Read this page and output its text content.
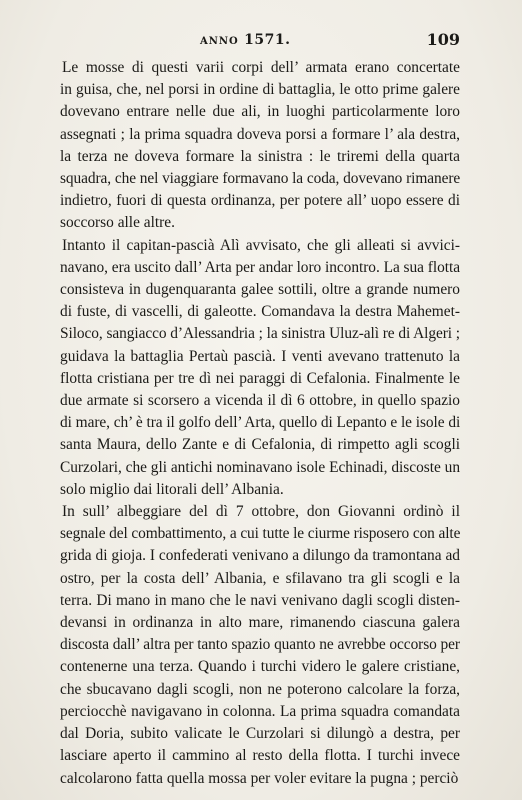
ANNO 1571.	109
Le mosse di questi varii corpi dell’ armata erano concertate
in guisa, che, nel porsi in ordine di battaglia, le otto prime galere
dovevano entrare nelle due ali, in luoghi particolarmente loro
assegnati ; la prima squadra doveva porsi a formare l’ ala destra,
la terza ne doveva formare la sinistra : le triremi della quarta
squadra, che nel viaggiare formavano la coda, dovevano rimanere
indietro, fuori di questa ordinanza, per potere all’ uopo essere di
soccorso alle altre.
Intanto il capitan-pascià Alì avvisato, che gli alleati si avvici-
navano, era uscito dall’ Arta per andar loro incontro. La sua flotta
consisteva in dugenquaranta galee sottili, oltre a grande numero
di fuste, di vascelli, di galeotte. Comandava la destra Mahemet-
Siloco, sangiacco d’Alessandria ; la sinistra Uluz-alì re di Algeri ;
guidava la battaglia Pertaù pascià. I venti avevano trattenuto la
flotta cristiana per tre dì nei paraggi di Cefalonia. Finalmente le
due armate si scorsero a vicenda il dì 6 ottobre, in quello spazio
di mare, ch’ è tra il golfo dell’ Arta, quello di Lepanto e le isole di
santa Maura, dello Zante e di Cefalonia, di rimpetto agli scogli
Curzolari, che gli antichi nominavano isole Echinadi, discoste un
solo miglio dai litorali dell’ Albania.
In sull’ albeggiare del dì 7 ottobre, don Giovanni ordinò il
segnale del combattimento, a cui tutte le ciurme risposero con alte
grida di gioja. I confederati venivano a dilungo da tramontana ad
ostro, per la costa dell’ Albania, e sfilavano tra gli scogli e la
terra. Di mano in mano che le navi venivano dagli scogli disten-
devansi in ordinanza in alto mare, rimanendo ciascuna galera
discosta dall’ altra per tanto spazio quanto ne avrebbe occorso per
contenerne una terza. Quando i turchi videro le galere cristiane,
che sbucavano dagli scogli, non ne poterono calcolare la forza,
perciocchè navigavano in colonna. La prima squadra comandata
dal Doria, subito valicate le Curzolari si dilungò a destra, per
lasciare aperto il cammino al resto della flotta. I turchi invece
calcolarono fatta quella mossa per voler evitare la pugna ; perciò
